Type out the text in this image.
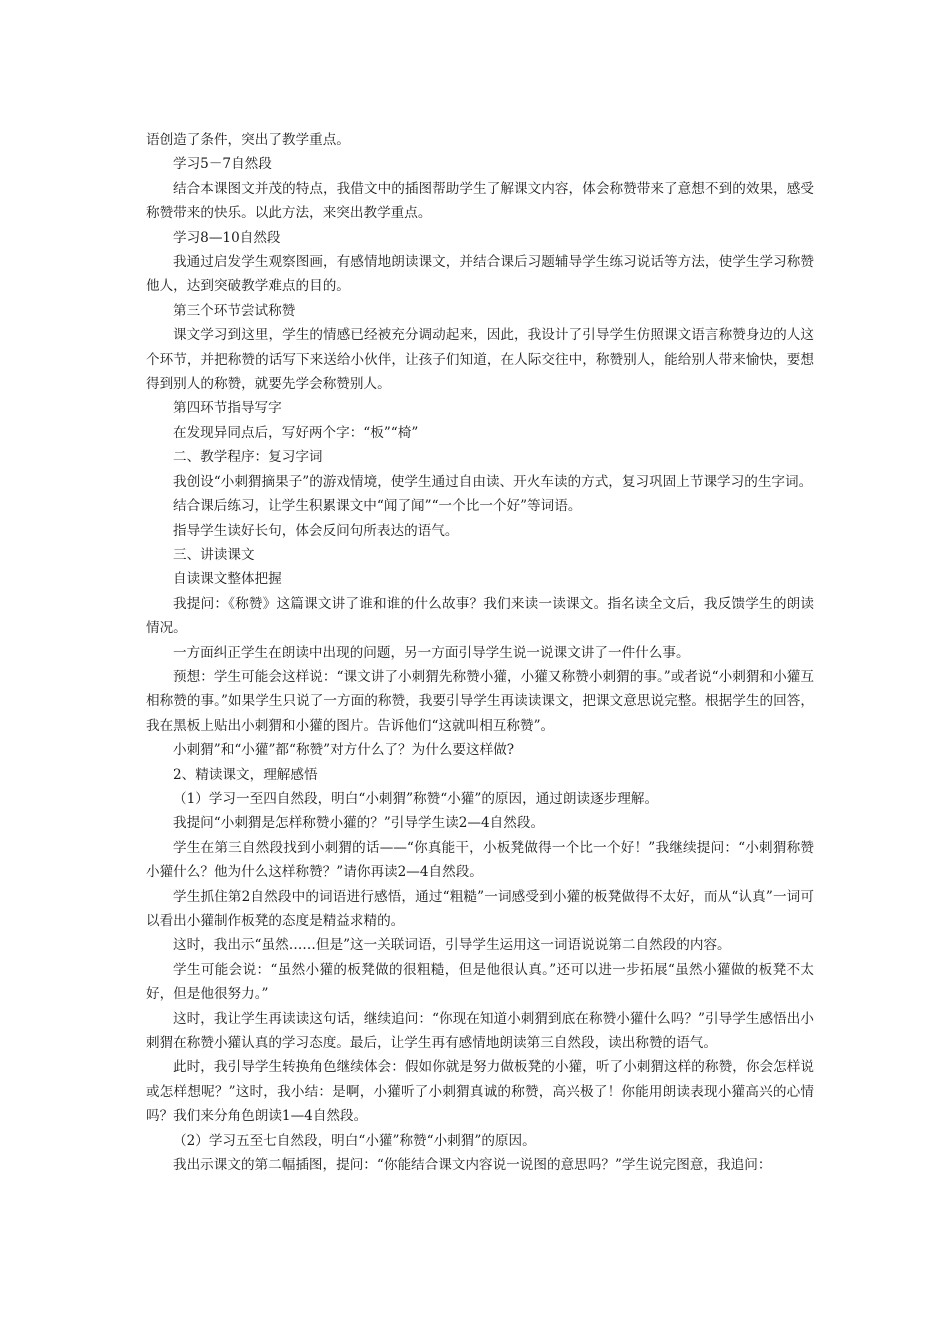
语创造了条件，突出了教学重点。

学习5－7自然段

结合本课图文并茂的特点，我借文中的插图帮助学生了解课文内容，体会称赞带来了意想不到的效果，感受称赞带来的快乐。以此方法，来突出教学重点。

学习8—10自然段

我通过启发学生观察图画，有感情地朗读课文，并结合课后习题辅导学生练习说话等方法，使学生学习称赞他人，达到突破教学难点的目的。

第三个环节尝试称赞

课文学习到这里，学生的情感已经被充分调动起来，因此，我设计了引导学生仿照课文语言称赞身边的人这个环节，并把称赞的话写下来送给小伙伴，让孩子们知道，在人际交往中，称赞别人，能给别人带来愉快，要想得到别人的称赞，就要先学会称赞别人。

第四环节指导写字

在发现异同点后，写好两个字：“板”“椅”

二、教学程序：复习字词

我创设“小刺猬摘果子”的游戏情境，使学生通过自由读、开火车读的方式，复习巩固上节课学习的生字词。

结合课后练习，让学生积累课文中“闻了闻”“一个比一个好”等词语。

指导学生读好长句，体会反问句所表达的语气。

三、讲读课文

自读课文整体把握

我提问：《称赞》这篇课文讲了谁和谁的什么故事？我们来读一读课文。指名读全文后，我反馈学生的朗读情况。

一方面纠正学生在朗读中出现的问题，另一方面引导学生说一说课文讲了一件什么事。

预想：学生可能会这样说：“课文讲了小刺猬先称赞小獾，小獾又称赞小刺猬的事。”或者说“小刺猬和小獾互相称赞的事。”如果学生只说了一方面的称赞，我要引导学生再读读课文，把课文意思说完整。根据学生的回答，我在黑板上贴出小刺猬和小獾的图片。告诉他们“这就叫相互称赞”。

小刺猬”和“小獾”都“称赞”对方什么了？为什么要这样做?

2、精读课文，理解感悟

（1）学习一至四自然段，明白“小刺猬”称赞“小獾”的原因，通过朗读逐步理解。

我提问“小刺猬是怎样称赞小獾的？”引导学生读2—4自然段。

学生在第三自然段找到小刺猬的话——“你真能干，小板凳做得一个比一个好！”我继续提问：“小刺猬称赞小獾什么？他为什么这样称赞？”请你再读2—4自然段。

学生抓住第2自然段中的词语进行感悟，通过“粗糙”一词感受到小獾的板凳做得不太好，而从“认真”一词可以看出小獾制作板凳的态度是精益求精的。

这时，我出示“虽然……但是”这一关联词语，引导学生运用这一词语说说第二自然段的内容。

学生可能会说：“虽然小獾的板凳做的很粗糙，但是他很认真。”还可以进一步拓展“虽然小獾做的板凳不太好，但是他很努力。”

这时，我让学生再读读这句话，继续追问：“你现在知道小刺猬到底在称赞小獾什么吗？”引导学生感悟出小刺猬在称赞小獾认真的学习态度。最后，让学生再有感情地朗读第三自然段，读出称赞的语气。

此时，我引导学生转换角色继续体会：假如你就是努力做板凳的小獾，听了小刺猬这样的称赞，你会怎样说或怎样想呢？”这时，我小结：是啊，小獾听了小刺猬真诚的称赞，高兴极了！你能用朗读表现小獾高兴的心情吗？我们来分角色朗读1—4自然段。

（2）学习五至七自然段，明白“小獾”称赞“小刺猬”的原因。

我出示课文的第二幅插图，提问：“你能结合课文内容说一说图的意思吗？”学生说完图意，我追问：
